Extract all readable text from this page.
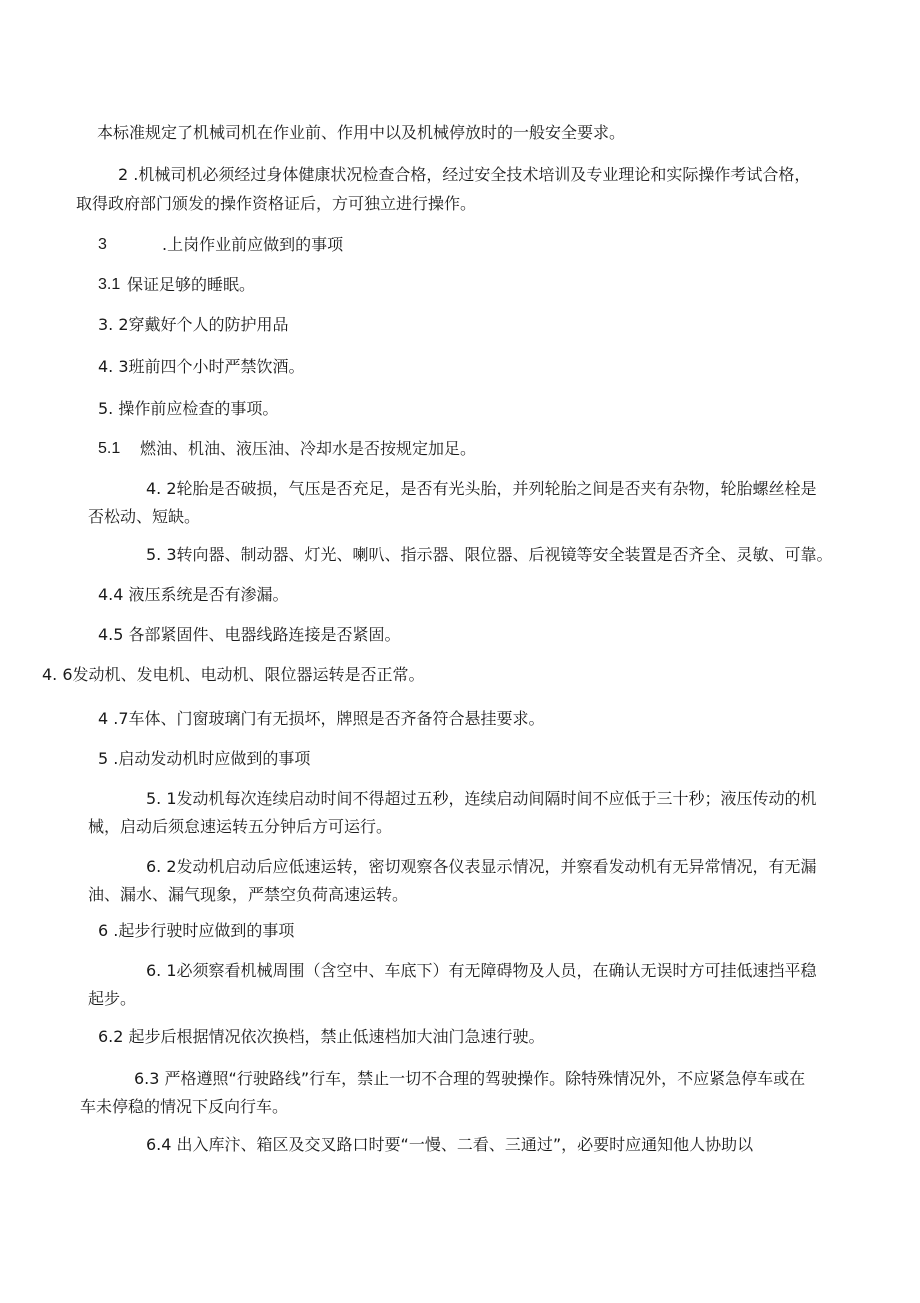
本标准规定了机械司机在作业前、作用中以及机械停放时的一般安全要求。

2 .机械司机必须经过身体健康状况检查合格，经过安全技术培训及专业理论和实际操作考试合格，

取得政府部门颁发的操作资格证后，方可独立进行操作。

3	.上岗作业前应做到的事项

3.1 保证足够的睡眠。

3. 2穿戴好个人的防护用品

4. 3班前四个小时严禁饮酒。

5. 操作前应检查的事项。

5.1 燃油、机油、液压油、冷却水是否按规定加足。

4. 2轮胎是否破损，气压是否充足，是否有光头胎，并列轮胎之间是否夹有杂物，轮胎螺丝栓是

否松动、短缺。

5. 3转向器、制动器、灯光、喇叭、指示器、限位器、后视镜等安全装置是否齐全、灵敏、可靠。

4.4 液压系统是否有渗漏。

4.5 各部紧固件、电器线路连接是否紧固。

4. 6发动机、发电机、电动机、限位器运转是否正常。

4 .7车体、门窗玻璃门有无损坏，牌照是否齐备符合悬挂要求。

5 .启动发动机时应做到的事项

5. 1发动机每次连续启动时间不得超过五秒，连续启动间隔时间不应低于三十秒；液压传动的机

械，启动后须怠速运转五分钟后方可运行。

6. 2发动机启动后应低速运转，密切观察各仪表显示情况，并察看发动机有无异常情况，有无漏

油、漏水、漏气现象，严禁空负荷高速运转。

6 .起步行驶时应做到的事项

6. 1必须察看机械周围（含空中、车底下）有无障碍物及人员，在确认无误时方可挂低速挡平稳

起步。

6.2 起步后根据情况依次换档，禁止低速档加大油门急速行驶。

6.3 严格遵照“行驶路线”行车，禁止一切不合理的驾驶操作。除特殊情况外，不应紧急停车或在

车未停稳的情况下反向行车。

6.4 出入库汴、箱区及交叉路口时要“一慢、二看、三通过”，必要时应通知他人协助以
